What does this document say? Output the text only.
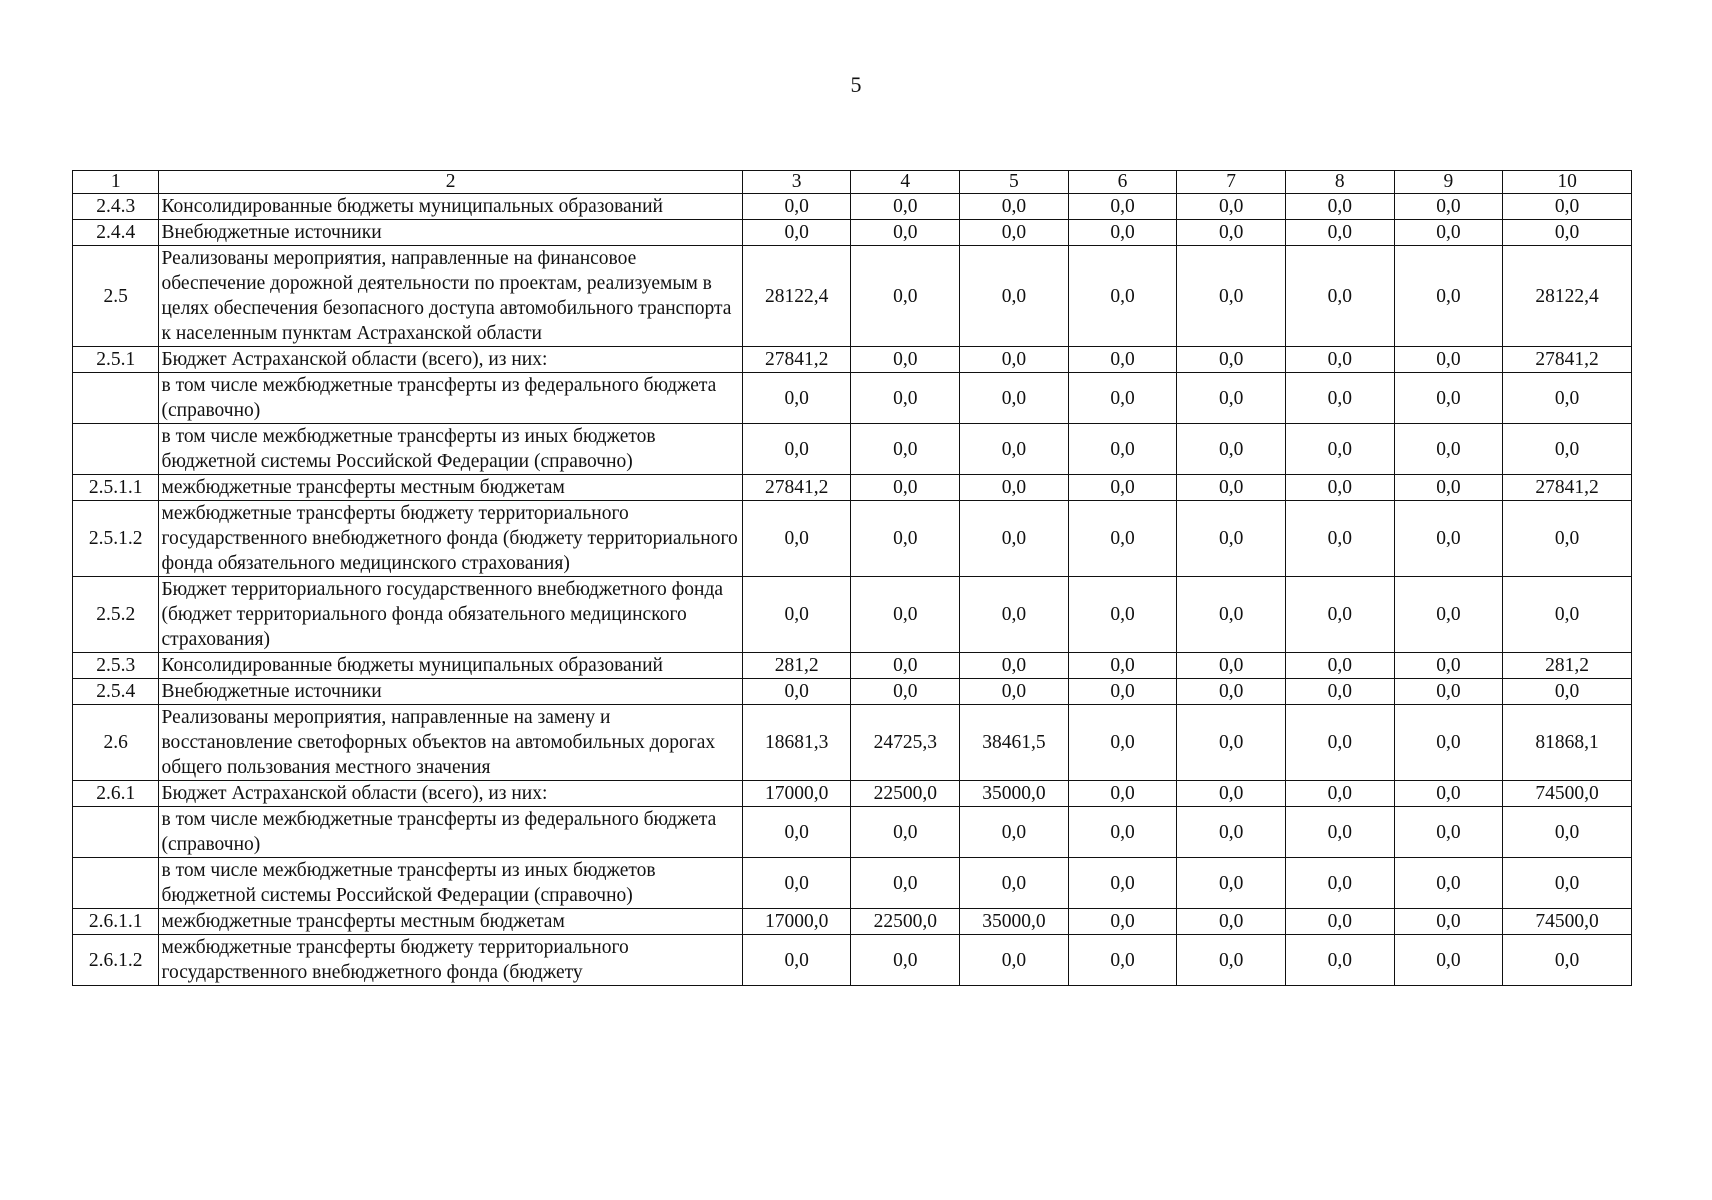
5
1	2	3	4	5	6	7	8	9	10
2.4.3	Консолидированные бюджеты муниципальных образований	0,0	0,0	0,0	0,0	0,0	0,0	0,0	0,0
2.4.4	Внебюджетные источники	0,0	0,0	0,0	0,0	0,0	0,0	0,0	0,0
2.5	Реализованы мероприятия, направленные на финансовое обеспечение дорожной деятельности по проектам, реализуемым в целях обеспечения безопасного доступа автомобильного транспорта к населенным пунктам Астраханской области	28122,4	0,0	0,0	0,0	0,0	0,0	0,0	28122,4
2.5.1	Бюджет Астраханской области (всего), из них:	27841,2	0,0	0,0	0,0	0,0	0,0	0,0	27841,2
	в том числе межбюджетные трансферты из федерального бюджета (справочно)	0,0	0,0	0,0	0,0	0,0	0,0	0,0	0,0
	в том числе межбюджетные трансферты из иных бюджетов бюджетной системы Российской Федерации (справочно)	0,0	0,0	0,0	0,0	0,0	0,0	0,0	0,0
2.5.1.1	межбюджетные трансферты местным бюджетам	27841,2	0,0	0,0	0,0	0,0	0,0	0,0	27841,2
2.5.1.2	межбюджетные трансферты бюджету территориального государственного внебюджетного фонда (бюджету территориального фонда обязательного медицинского страхования)	0,0	0,0	0,0	0,0	0,0	0,0	0,0	0,0
2.5.2	Бюджет территориального государственного внебюджетного фонда (бюджет территориального фонда обязательного медицинского страхования)	0,0	0,0	0,0	0,0	0,0	0,0	0,0	0,0
2.5.3	Консолидированные бюджеты муниципальных образований	281,2	0,0	0,0	0,0	0,0	0,0	0,0	281,2
2.5.4	Внебюджетные источники	0,0	0,0	0,0	0,0	0,0	0,0	0,0	0,0
2.6	Реализованы мероприятия, направленные на замену и восстановление светофорных объектов на автомобильных дорогах общего пользования местного значения	18681,3	24725,3	38461,5	0,0	0,0	0,0	0,0	81868,1
2.6.1	Бюджет Астраханской области (всего), из них:	17000,0	22500,0	35000,0	0,0	0,0	0,0	0,0	74500,0
	в том числе межбюджетные трансферты из федерального бюджета (справочно)	0,0	0,0	0,0	0,0	0,0	0,0	0,0	0,0
	в том числе межбюджетные трансферты из иных бюджетов бюджетной системы Российской Федерации (справочно)	0,0	0,0	0,0	0,0	0,0	0,0	0,0	0,0
2.6.1.1	межбюджетные трансферты местным бюджетам	17000,0	22500,0	35000,0	0,0	0,0	0,0	0,0	74500,0
2.6.1.2	межбюджетные трансферты бюджету территориального государственного внебюджетного фонда (бюджету	0,0	0,0	0,0	0,0	0,0	0,0	0,0	0,0
